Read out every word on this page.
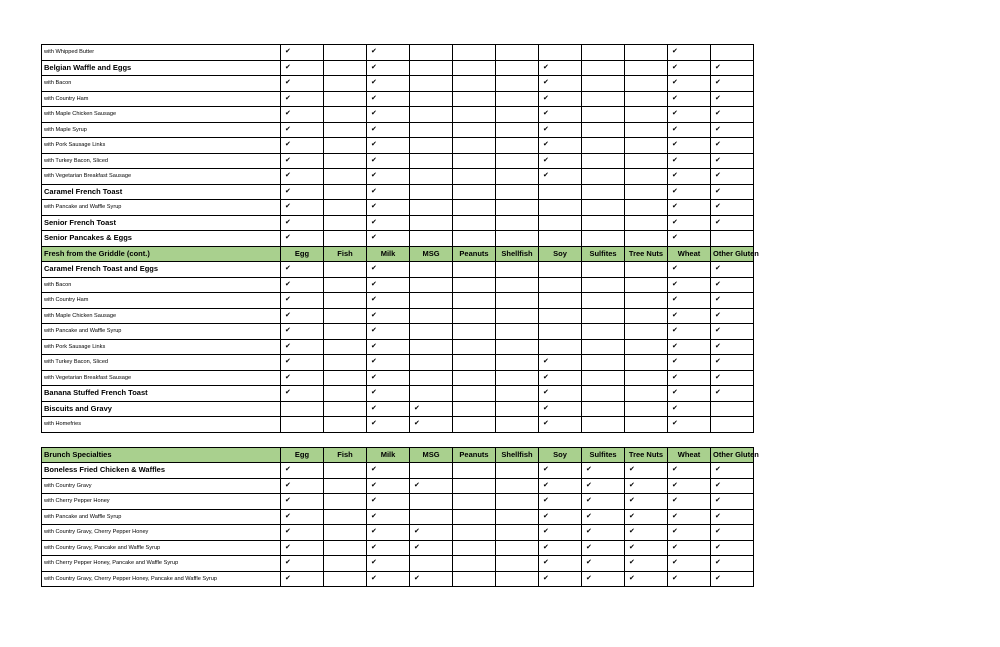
with Whipped Butter	✔		✔							✔	
Belgian Waffle and Eggs	✔		✔				✔			✔	✔
with Bacon	✔		✔				✔			✔	✔
with Country Ham	✔		✔				✔			✔	✔
with Maple Chicken Sausage	✔		✔				✔			✔	✔
with Maple Syrup	✔		✔				✔			✔	✔
with Pork Sausage Links	✔		✔				✔			✔	✔
with Turkey Bacon, Sliced	✔		✔				✔			✔	✔
with Vegetarian Breakfast Sausage	✔		✔				✔			✔	✔
Caramel French Toast	✔		✔							✔	✔
with Pancake and Waffle Syrup	✔		✔							✔	✔
Senior French Toast	✔		✔							✔	✔
Senior Pancakes & Eggs	✔		✔							✔	
Fresh from the Griddle (cont.)	Egg	Fish	Milk	MSG	Peanuts	Shellfish	Soy	Sulfites	Tree Nuts	Wheat	Other Gluten
Caramel French Toast and Eggs	✔		✔							✔	✔
with Bacon	✔		✔							✔	✔
with Country Ham	✔		✔							✔	✔
with Maple Chicken Sausage	✔		✔							✔	✔
with Pancake and Waffle Syrup	✔		✔							✔	✔
with Pork Sausage Links	✔		✔							✔	✔
with Turkey Bacon, Sliced	✔		✔				✔			✔	✔
with Vegetarian Breakfast Sausage	✔		✔				✔			✔	✔
Banana Stuffed French Toast	✔		✔				✔			✔	✔
Biscuits and Gravy			✔	✔			✔			✔	
with Homefries			✔	✔			✔			✔	

Brunch Specialties	Egg	Fish	Milk	MSG	Peanuts	Shellfish	Soy	Sulfites	Tree Nuts	Wheat	Other Gluten
Boneless Fried Chicken & Waffles	✔		✔				✔	✔	✔	✔	✔
with Country Gravy	✔		✔	✔			✔	✔	✔	✔	✔
with Cherry Pepper Honey	✔		✔				✔	✔	✔	✔	✔
with Pancake and Waffle Syrup	✔		✔				✔	✔	✔	✔	✔
with Country Gravy, Cherry Pepper Honey	✔		✔	✔			✔	✔	✔	✔	✔
with Country Gravy, Pancake and Waffle Syrup	✔		✔	✔			✔	✔	✔	✔	✔
with Cherry Pepper Honey, Pancake and Waffle Syrup	✔		✔				✔	✔	✔	✔	✔
with Country Gravy, Cherry Pepper Honey, Pancake and Waffle Syrup	✔		✔	✔			✔	✔	✔	✔	✔
